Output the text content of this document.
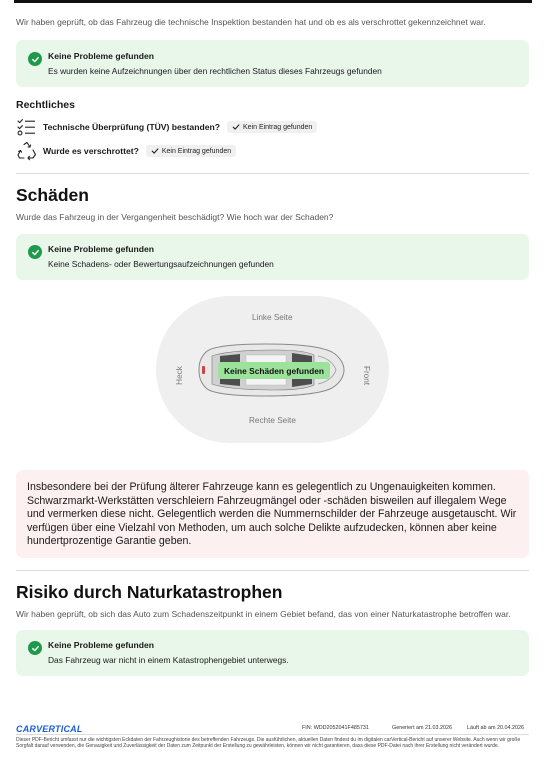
Wir haben geprüft, ob das Fahrzeug die technische Inspektion bestanden hat und ob es als verschrottet gekennzeichnet war.
Keine Probleme gefunden
Es wurden keine Aufzeichnungen über den rechtlichen Status dieses Fahrzeugs gefunden
Rechtliches
Technische Überprüfung (TÜV) bestanden?	Kein Eintrag gefunden
Wurde es verschrottet?	Kein Eintrag gefunden
Schäden
Wurde das Fahrzeug in der Vergangenheit beschädigt? Wie hoch war der Schaden?
Keine Probleme gefunden
Keine Schadens- oder Bewertungsaufzeichnungen gefunden
Linke Seite
Rechte Seite
Heck	Front
Keine Schäden gefunden

Insbesondere bei der Prüfung älterer Fahrzeuge kann es gelegentlich zu Ungenauigkeiten kommen. Schwarzmarkt-Werkstätten verschleiern Fahrzeugmängel oder -schäden bisweilen auf illegalem Wege und vermerken diese nicht. Gelegentlich werden die Nummernschilder der Fahrzeuge ausgetauscht. Wir verfügen über eine Vielzahl von Methoden, um auch solche Delikte aufzudecken, können aber keine hundertprozentige Garantie geben.

Risiko durch Naturkatastrophen
Wir haben geprüft, ob sich das Auto zum Schadenszeitpunkt in einem Gebiet befand, das von einer Naturkatastrophe betroffen war.
Keine Probleme gefunden
Das Fahrzeug war nicht in einem Katastrophengebiet unterwegs.
CARVERTICAL	FIN: WDD2052041F485731	Generiert am 21.03.2026	Läuft ab am 20.04.2026
Dieser PDF-Bericht umfasst nur die wichtigsten Eckdaten der Fahrzeughistorie des betreffenden Fahrzeugs. Die ausführlichen, aktuellen Daten findest du im digitalen carVertical-Bericht auf unserer Website. Auch wenn wir große Sorgfalt darauf verwenden, die Genauigkeit und Zuverlässigkeit der Daten zum Zeitpunkt der Erstellung zu gewährleisten, können wir nicht garantieren, dass diese PDF-Datei nach ihrer Erstellung nicht verändert wurde.
